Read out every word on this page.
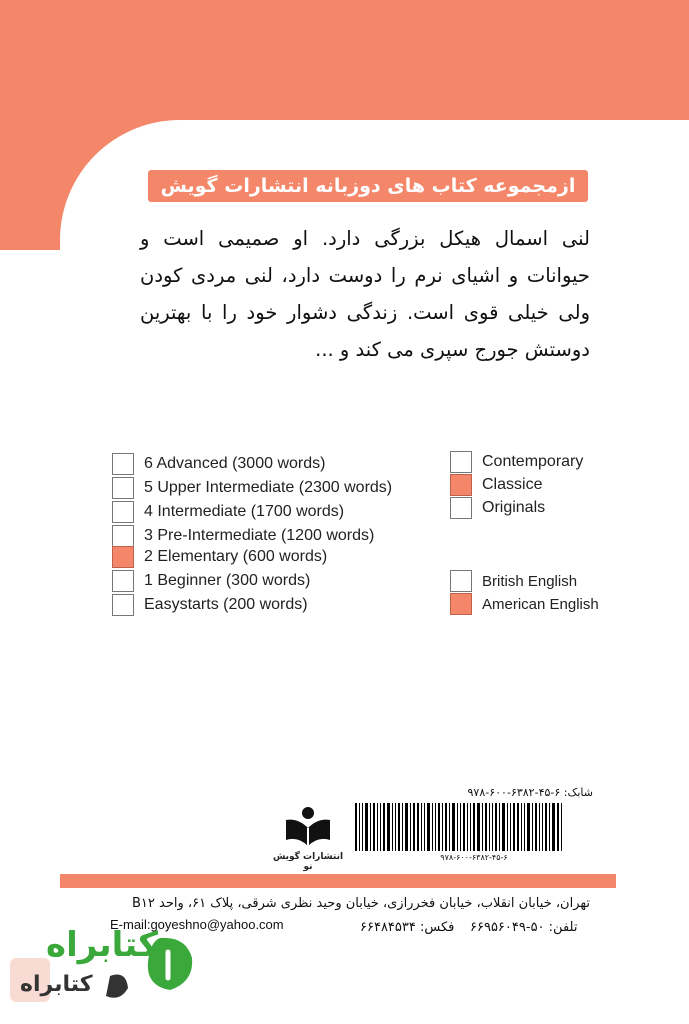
ازمجموعه کتاب های دوزبانه انتشارات گویش نو
لنی اسمال هیکل بزرگی دارد. او صمیمی است و حیوانات و اشیای نرم را دوست دارد، لنی مردی کودن ولی خیلی قوی است. زندگی دشوار خود را با بهترین دوستش جورج سپری می کند و ...
6 Advanced (3000 words)
5 Upper Intermediate (2300 words)
4 Intermediate (1700 words)
3 Pre-Intermediate (1200 words)
2 Elementary (600 words)
1 Beginner (300 words)
Easystarts (200 words)
Contemporary
Classice
Originals
British English
American English
شابک: ۶-۴۵-۶۳۸۲-۶۰۰-۹۷۸
۹۷۸-۶۰۰-۶۳۸۲-۴۵-۶
انتشارات گویش نو
تهران، خیابان انقلاب، خیابان فخررازی، خیابان وحید نظری شرقی، پلاک ۶۱، واحد B۱۲
E-mail:goyeshno@yahoo.com	فکس: ۶۶۴۸۴۵۳۴ تلفن: ۵۰-۶۶۹۵۶۰۴۹
کتابراه
کتابراه
